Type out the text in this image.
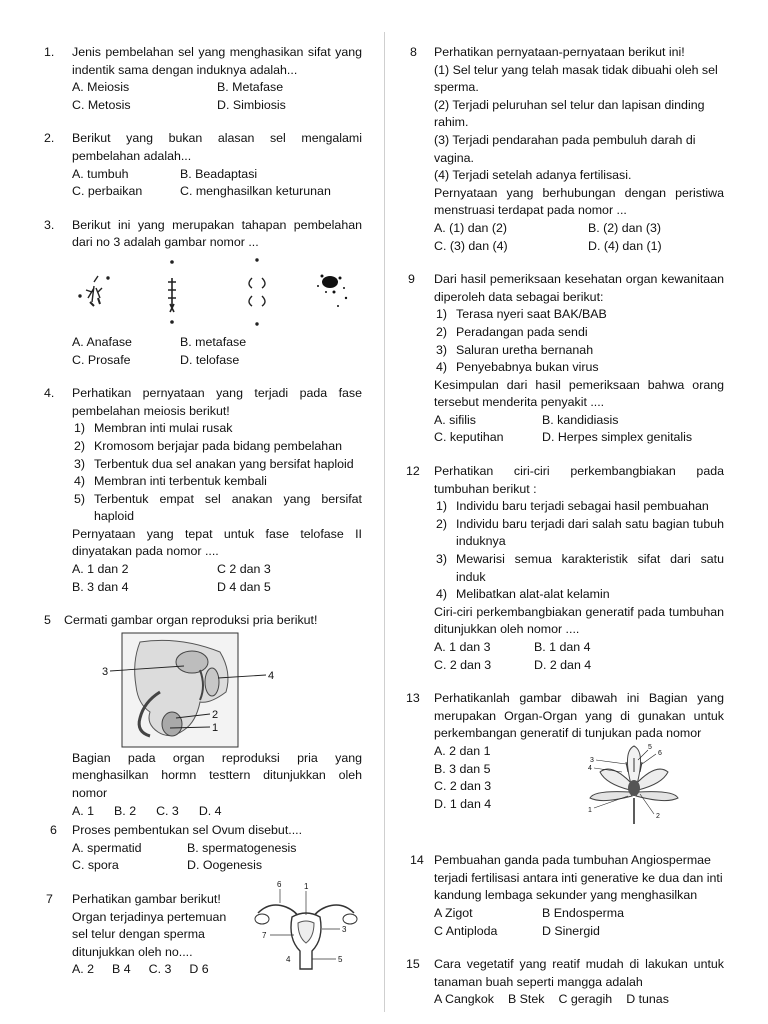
1. Jenis pembelahan sel yang menghasikan sifat yang indentik sama dengan induknya adalah...
A. Meiosis	B. Metafase
C. Metosis	D. Simbiosis
2. Berikut yang bukan alasan sel mengalami pembelahan adalah...
A. tumbuh	B. Beadaptasi
C. perbaikan	C. menghasilkan keturunan
3. Berikut ini yang merupakan tahapan pembelahan dari no 3 adalah gambar nomor ...
A. Anafase	B. metafase
C. Prosafe	D. telofase
4. Perhatikan pernyataan yang terjadi pada fase pembelahan meiosis berikut!
1) Membran inti mulai rusak
2) Kromosom berjajar pada bidang pembelahan
3) Terbentuk dua sel anakan yang bersifat haploid
4) Membran inti terbentuk kembali
5) Terbentuk empat sel anakan yang bersifat haploid
Pernyataan yang tepat untuk fase telofase II dinyatakan pada nomor ....
A. 1 dan 2	C 2 dan 3
B. 3 dan 4	D 4 dan 5
5 Cermati gambar organ reproduksi pria berikut!
3	4
2
1
Bagian pada organ reproduksi pria yang menghasilkan hormn testtern ditunjukkan oleh nomor
A. 1 B. 2 C. 3 D. 4
6 Proses pembentukan sel Ovum disebut....
A. spermatid	B. spermatogenesis
C. spora	D. Oogenesis
7 Perhatikan gambar berikut!
Organ terjadinya pertemuan sel telur dengan sperma ditunjukkan oleh no....
A. 2 B 4 C. 3 D 6
1
6
3
5
4
7
8 Perhatikan pernyataan-pernyataan berikut ini!
(1) Sel telur yang telah masak tidak dibuahi oleh sel sperma.
(2) Terjadi peluruhan sel telur dan lapisan dinding rahim.
(3) Terjadi pendarahan pada pembuluh darah di vagina.
(4) Terjadi setelah adanya fertilisasi.
Pernyataan yang berhubungan dengan peristiwa menstruasi terdapat pada nomor ...
A. (1) dan (2)	B. (2) dan (3)
C. (3) dan (4)	D. (4) dan (1)
9 Dari hasil pemeriksaan kesehatan organ kewanitaan diperoleh data sebagai berikut:
1) Terasa nyeri saat BAK/BAB
2) Peradangan pada sendi
3) Saluran uretha bernanah
4) Penyebabnya bukan virus
Kesimpulan dari hasil pemeriksaan bahwa orang tersebut menderita penyakit ....
A. sifilis	B. kandidiasis
C. keputihan	D. Herpes simplex genitalis
12 Perhatikan ciri-ciri perkembangbiakan pada tumbuhan berikut :
1) Individu baru terjadi sebagai hasil pembuahan
2) Individu baru terjadi dari salah satu bagian tubuh induknya
3) Mewarisi semua karakteristik sifat dari satu induk
4) Melibatkan alat-alat kelamin
Ciri-ciri perkembangbiakan generatif pada tumbuhan ditunjukkan oleh nomor ....
A. 1 dan 3	B. 1 dan 4
C. 2 dan 3	D. 2 dan 4
13 Perhatikanlah gambar dibawah ini Bagian yang merupakan Organ-Organ yang di gunakan untuk perkembangan generatif di tunjukan pada nomor
A. 2 dan 1
B. 3 dan 5
C. 2 dan 3
D. 1 dan 4	1
2
4
3
5
6
14 Pembuahan ganda pada tumbuhan Angiospermae terjadi fertilisasi antara inti generative ke dua dan inti kandung lembaga sekunder yang menghasilkan
A Zigot	B Endosperma
C Antiploda	D Sinergid
15 Cara vegetatif yang reatif mudah di lakukan untuk tanaman buah seperti mangga adalah
A Cangkok B Stek C geragih D tunas
